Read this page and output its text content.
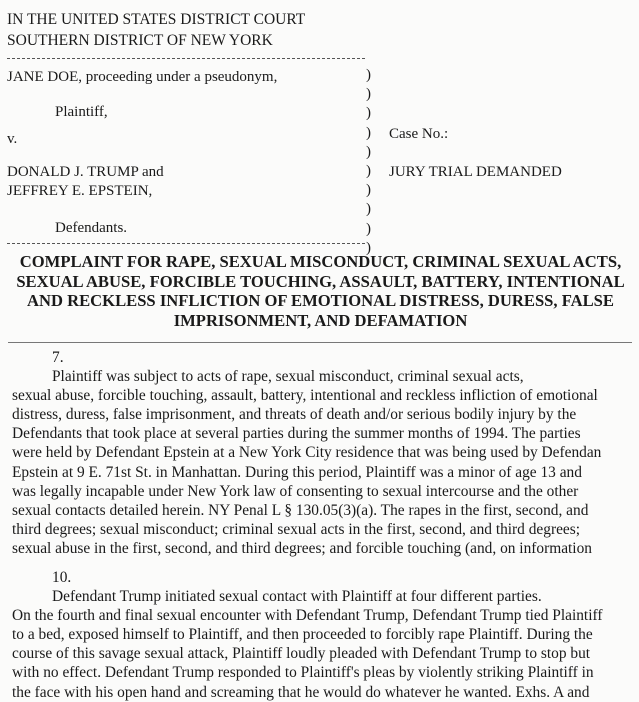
IN THE UNITED STATES DISTRICT COURT
SOUTHERN DISTRICT OF NEW YORK
JANE DOE, proceeding under a pseudonym,
Plaintiff,
v.
DONALD J. TRUMP and
JEFFREY E. EPSTEIN,
Defendants.
)
)
)
)
)
)
)
)
)
)
Case No.:
JURY TRIAL DEMANDED
COMPLAINT FOR RAPE, SEXUAL MISCONDUCT, CRIMINAL SEXUAL ACTS,
SEXUAL ABUSE, FORCIBLE TOUCHING, ASSAULT, BATTERY, INTENTIONAL
AND RECKLESS INFLICTION OF EMOTIONAL DISTRESS, DURESS, FALSE
IMPRISONMENT, AND DEFAMATION
7.
Plaintiff was subject to acts of rape, sexual misconduct, criminal sexual acts,
sexual abuse, forcible touching, assault, battery, intentional and reckless infliction of emotional
distress, duress, false imprisonment, and threats of death and/or serious bodily injury by the
Defendants that took place at several parties during the summer months of 1994. The parties
were held by Defendant Epstein at a New York City residence that was being used by Defendan
Epstein at 9 E. 71st St. in Manhattan. During this period, Plaintiff was a minor of age 13 and
was legally incapable under New York law of consenting to sexual intercourse and the other
sexual contacts detailed herein. NY Penal L § 130.05(3)(a). The rapes in the first, second, and
third degrees; sexual misconduct; criminal sexual acts in the first, second, and third degrees;
sexual abuse in the first, second, and third degrees; and forcible touching (and, on information
10.
Defendant Trump initiated sexual contact with Plaintiff at four different parties.
On the fourth and final sexual encounter with Defendant Trump, Defendant Trump tied Plaintiff
to a bed, exposed himself to Plaintiff, and then proceeded to forcibly rape Plaintiff. During the
course of this savage sexual attack, Plaintiff loudly pleaded with Defendant Trump to stop but
with no effect. Defendant Trump responded to Plaintiff's pleas by violently striking Plaintiff in
the face with his open hand and screaming that he would do whatever he wanted. Exhs. A and
